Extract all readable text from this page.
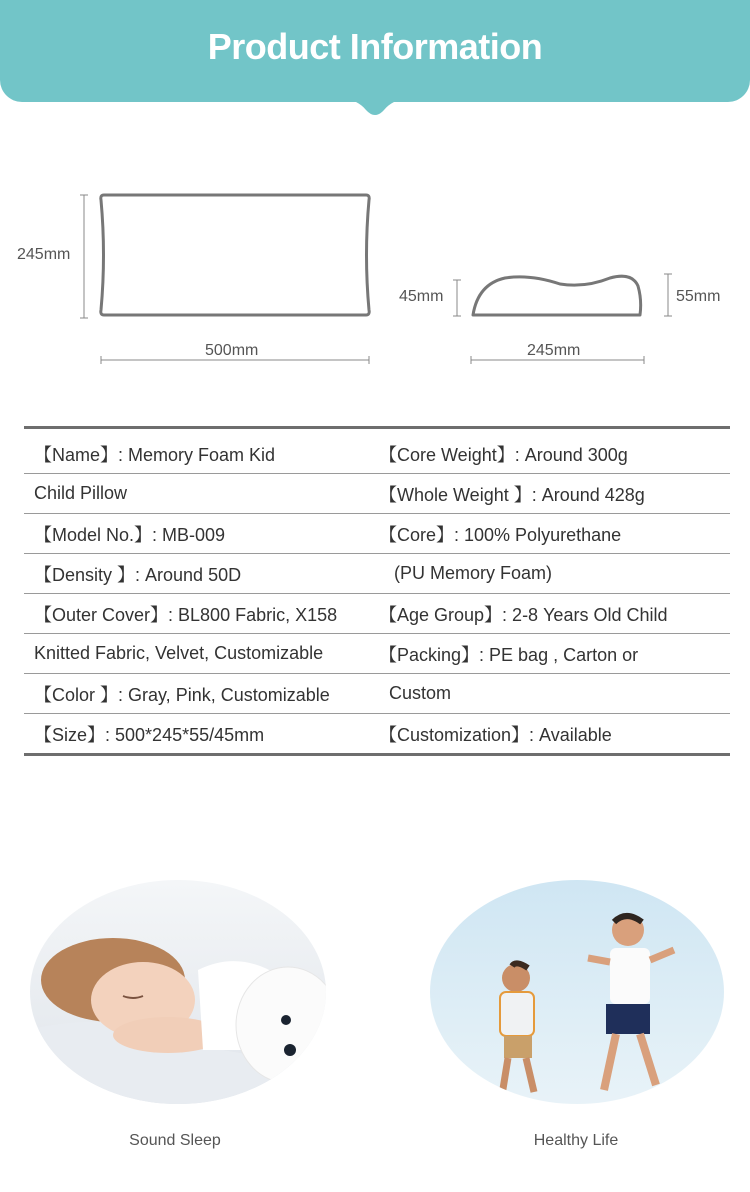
Product Information
245mm
500mm
45mm	55mm
245mm
【Name】: Memory Foam Kid	【Core Weight】: Around 300g
Child Pillow	【Whole Weight 】: Around 428g
【Model No.】: MB-009	【Core】: 100% Polyurethane
【Density 】: Around 50D	(PU Memory Foam)
【Outer Cover】: BL800 Fabric, X158	【Age Group】: 2-8 Years Old Child
Knitted Fabric, Velvet, Customizable	【Packing】: PE bag , Carton or
【Color 】: Gray, Pink, Customizable	Custom
【Size】: 500*245*55/45mm	【Customization】: Available
Sound Sleep	Healthy Life
